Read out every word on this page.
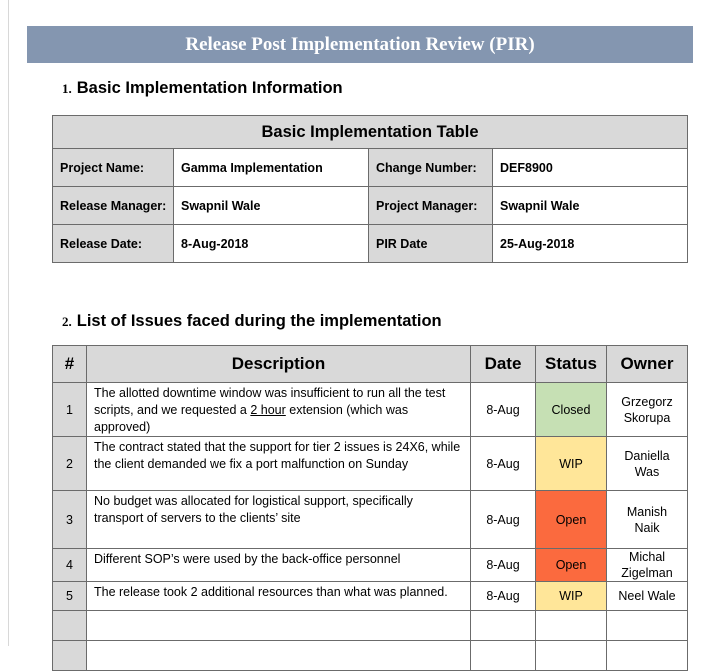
Release Post Implementation Review (PIR)
1. Basic Implementation Information
Basic Implementation Table			
Project Name:	Gamma Implementation	Change Number:	DEF8900
Release Manager:	Swapnil Wale	Project Manager:	Swapnil Wale
Release Date:	8-Aug-2018	PIR Date	25-Aug-2018
2. List of Issues faced during the implementation
#	Description	Date	Status	Owner
1	The allotted downtime window was insufficient to run all the test scripts, and we requested a 2 hour extension (which was approved)	8-Aug	Closed	Grzegorz
Skorupa
2	The contract stated that the support for tier 2 issues is 24X6, while the client demanded we fix a port malfunction on Sunday	8-Aug	WIP	Daniella
Was
3	No budget was allocated for logistical support, specifically transport of servers to the clients’ site	8-Aug	Open	Manish
Naik
4	Different SOP’s were used by the back-office personnel	8-Aug	Open	Michal
Zigelman
5	The release took 2 additional resources than what was planned.	8-Aug	WIP	Neel Wale
